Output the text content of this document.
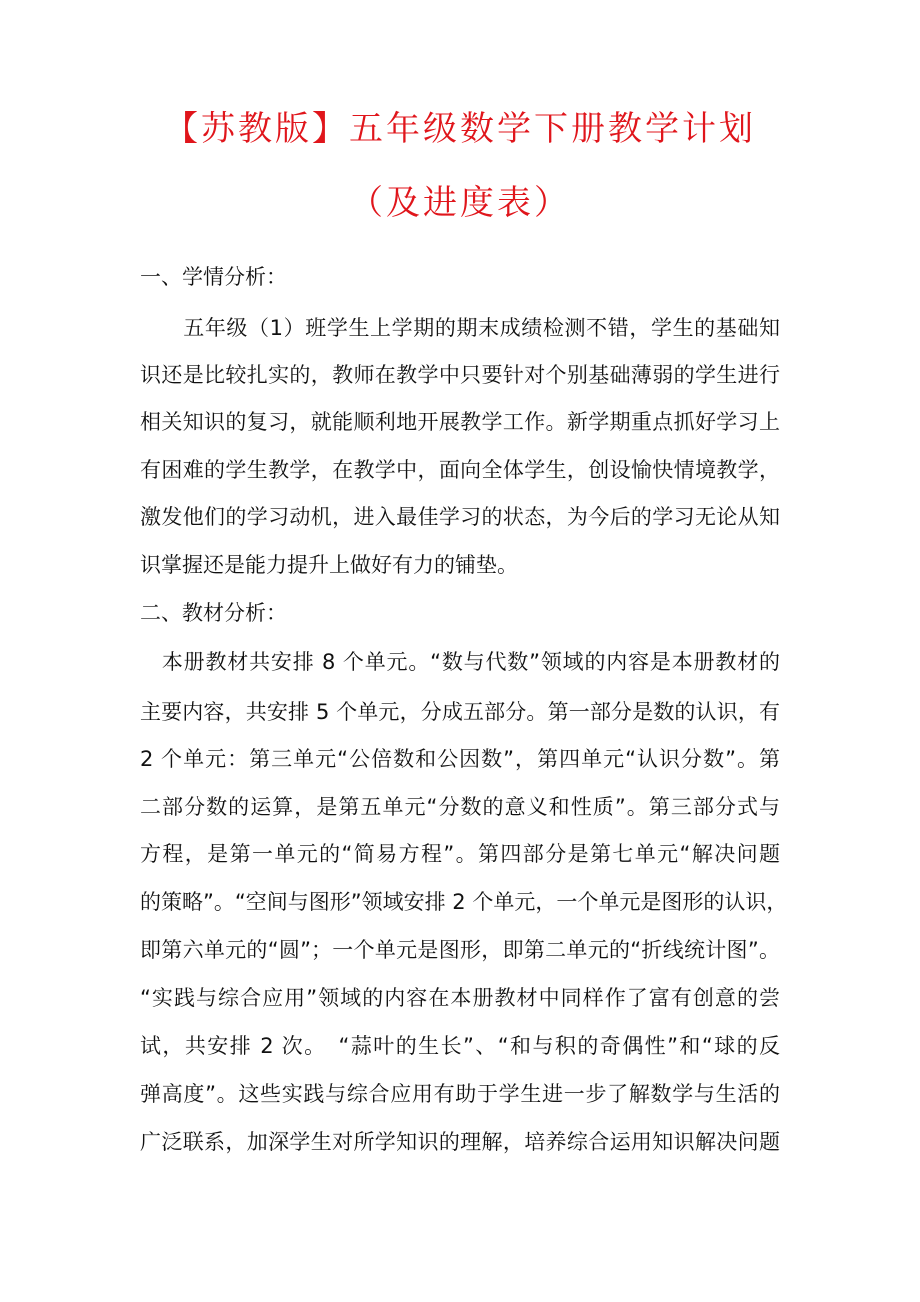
【苏教版】五年级数学下册教学计划
（及进度表）
一、学情分析：
　　五年级（1）班学生上学期的期末成绩检测不错，学生的基础知
识还是比较扎实的，教师在教学中只要针对个别基础薄弱的学生进行
相关知识的复习，就能顺利地开展教学工作。新学期重点抓好学习上
有困难的学生教学，在教学中，面向全体学生，创设愉快情境教学，
激发他们的学习动机，进入最佳学习的状态，为今后的学习无论从知
识掌握还是能力提升上做好有力的铺垫。
二、教材分析：
　本册教材共安排 8 个单元。“数与代数”领域的内容是本册教材的
主要内容，共安排 5 个单元，分成五部分。第一部分是数的认识，有
2 个单元：第三单元“公倍数和公因数”，第四单元“认识分数”。第
二部分数的运算，是第五单元“分数的意义和性质”。第三部分式与
方程，是第一单元的“简易方程”。第四部分是第七单元“解决问题
的策略”。“空间与图形”领域安排 2 个单元，一个单元是图形的认识，
即第六单元的“圆”；一个单元是图形，即第二单元的“折线统计图”。
“实践与综合应用”领域的内容在本册教材中同样作了富有创意的尝
试，共安排 2 次。　“蒜叶的生长”、“和与积的奇偶性”和“球的反
弹高度”。这些实践与综合应用有助于学生进一步了解数学与生活的
广泛联系，加深学生对所学知识的理解，培养综合运用知识解决问题
